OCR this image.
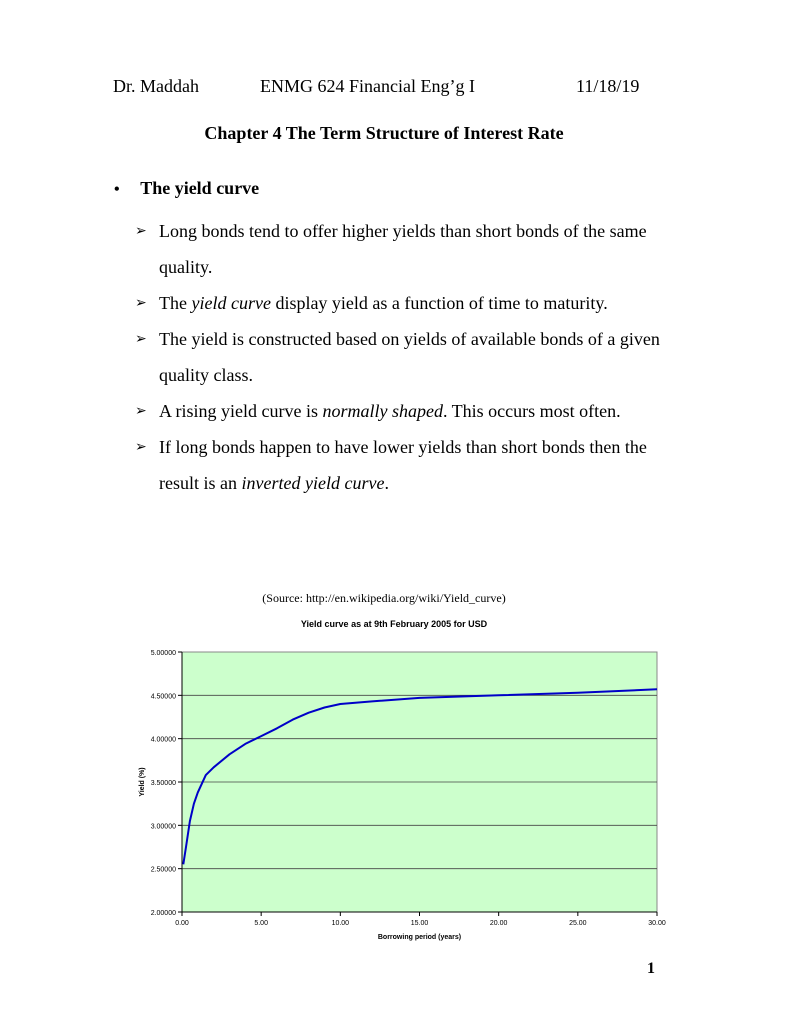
Dr. Maddah	ENMG 624 Financial Eng’g I	11/18/19
Chapter 4 The Term Structure of Interest Rate
• The yield curve
➢ Long bonds tend to offer higher yields than short bonds of the same quality.
➢ The yield curve display yield as a function of time to maturity.
➢ The yield is constructed based on yields of available bonds of a given quality class.
➢ A rising yield curve is normally shaped. This occurs most often.
➢ If long bonds happen to have lower yields than short bonds then the result is an inverted yield curve.
(Source: http://en.wikipedia.org/wiki/Yield_curve)
Yield curve as at 9th February 2005 for USD
2.00000
2.50000
3.00000
3.50000
4.00000
4.50000
5.00000
0.00	5.00	10.00	15.00	20.00	25.00	30.00
Borrowing period (years)
Yield (%)
1
